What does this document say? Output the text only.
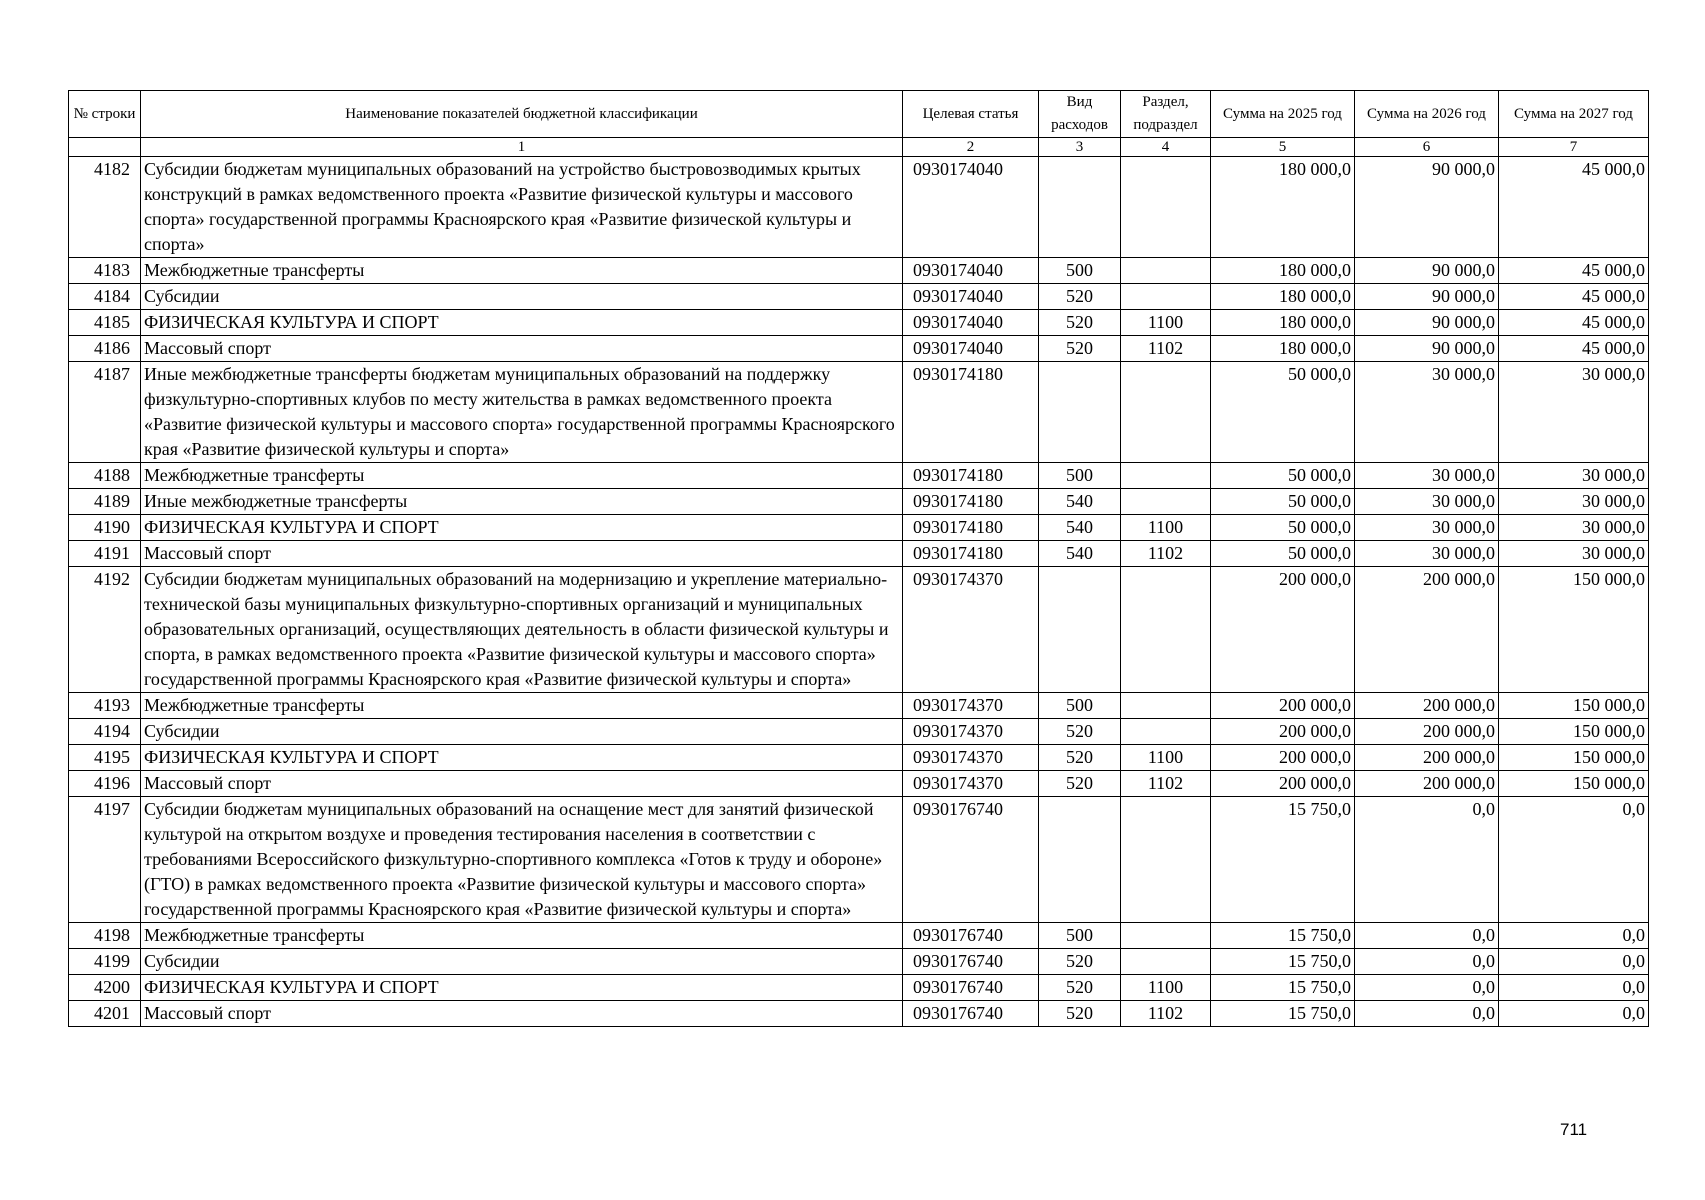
№ строки	Наименование показателей бюджетной классификации	Целевая статья	Вид расходов	Раздел, подраздел	Сумма на 2025 год	Сумма на 2026 год	Сумма на 2027 год
	1	2	3	4	5	6	7
4182	Субсидии бюджетам муниципальных образований на устройство быстровозводимых крытых конструкций в рамках ведомственного проекта «Развитие физической культуры и массового спорта» государственной программы Красноярского края «Развитие физической культуры и спорта»	0930174040			180 000,0	90 000,0	45 000,0
4183	Межбюджетные трансферты	0930174040	500		180 000,0	90 000,0	45 000,0
4184	Субсидии	0930174040	520		180 000,0	90 000,0	45 000,0
4185	ФИЗИЧЕСКАЯ КУЛЬТУРА И СПОРТ	0930174040	520	1100	180 000,0	90 000,0	45 000,0
4186	Массовый спорт	0930174040	520	1102	180 000,0	90 000,0	45 000,0
4187	Иные межбюджетные трансферты бюджетам муниципальных образований на поддержку физкультурно-спортивных клубов по месту жительства в рамках ведомственного проекта «Развитие физической культуры и массового спорта» государственной программы Красноярского края «Развитие физической культуры и спорта»	0930174180			50 000,0	30 000,0	30 000,0
4188	Межбюджетные трансферты	0930174180	500		50 000,0	30 000,0	30 000,0
4189	Иные межбюджетные трансферты	0930174180	540		50 000,0	30 000,0	30 000,0
4190	ФИЗИЧЕСКАЯ КУЛЬТУРА И СПОРТ	0930174180	540	1100	50 000,0	30 000,0	30 000,0
4191	Массовый спорт	0930174180	540	1102	50 000,0	30 000,0	30 000,0
4192	Субсидии бюджетам муниципальных образований на модернизацию и укрепление материально-технической базы муниципальных физкультурно-спортивных организаций и муниципальных образовательных организаций, осуществляющих деятельность в области физической культуры и спорта, в рамках ведомственного проекта «Развитие физической культуры и массового спорта» государственной программы Красноярского края «Развитие физической культуры и спорта»	0930174370			200 000,0	200 000,0	150 000,0
4193	Межбюджетные трансферты	0930174370	500		200 000,0	200 000,0	150 000,0
4194	Субсидии	0930174370	520		200 000,0	200 000,0	150 000,0
4195	ФИЗИЧЕСКАЯ КУЛЬТУРА И СПОРТ	0930174370	520	1100	200 000,0	200 000,0	150 000,0
4196	Массовый спорт	0930174370	520	1102	200 000,0	200 000,0	150 000,0
4197	Субсидии бюджетам муниципальных образований на оснащение мест для занятий физической культурой на открытом воздухе и проведения тестирования населения в соответствии с требованиями Всероссийского физкультурно-спортивного комплекса «Готов к труду и обороне» (ГТО) в рамках ведомственного проекта «Развитие физической культуры и массового спорта» государственной программы Красноярского края «Развитие физической культуры и спорта»	0930176740			15 750,0	0,0	0,0
4198	Межбюджетные трансферты	0930176740	500		15 750,0	0,0	0,0
4199	Субсидии	0930176740	520		15 750,0	0,0	0,0
4200	ФИЗИЧЕСКАЯ КУЛЬТУРА И СПОРТ	0930176740	520	1100	15 750,0	0,0	0,0
4201	Массовый спорт	0930176740	520	1102	15 750,0	0,0	0,0
711
